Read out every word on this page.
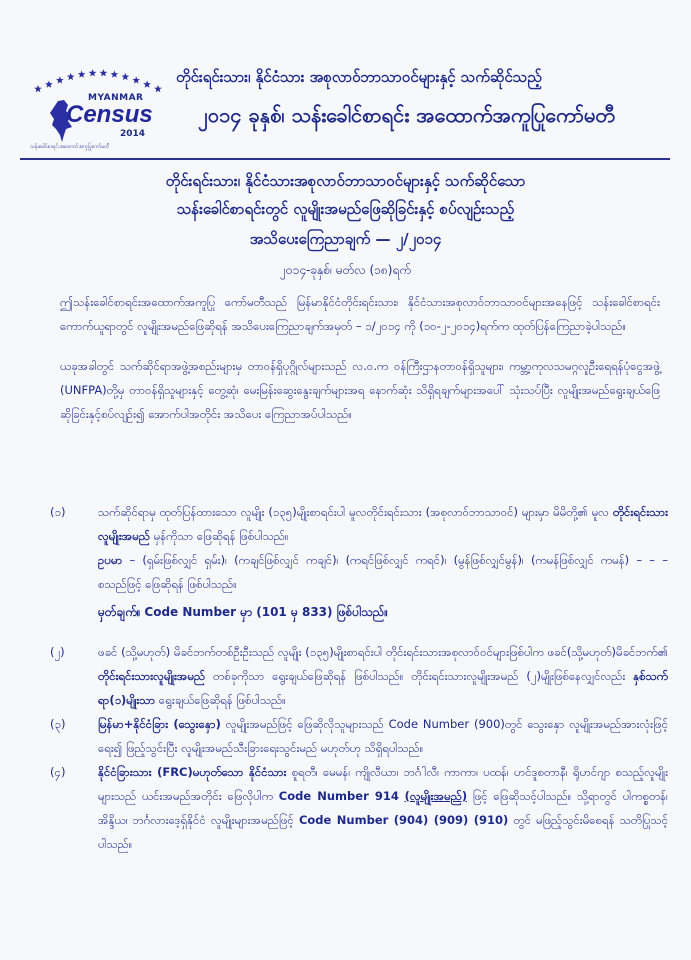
MYANMAR
Census
2014
သန်းခေါင်စာရင်းအထောက်အကူပြုကော်မတီ
တိုင်းရင်းသား၊ နိုင်ငံသား အစုလာဝ်ဘာသာဝင်များနှင့် သက်ဆိုင်သည့်
၂၀၁၄ ခုနှစ်၊ သန်းခေါင်စာရင်း အထောက်အကူပြုကော်မတီ
တိုင်းရင်းသား၊ နိုင်ငံသားအစုလာဝ်ဘာသာဝင်များနှင့် သက်ဆိုင်သော
သန်းခေါင်စာရင်းတွင် လူမျိုးအမည်ဖြေဆိုခြင်းနှင့် စပ်လျဉ်းသည့်
အသိပေးကြေညာချက် — ၂/၂၀၁၄
၂၀၁၄-ခုနှစ်၊ မတ်လ (၁၈)ရက်
ဤသန်းခေါင်စာရင်းအထောက်အကူပြု ကော်မတီသည် မြန်မာနိုင်ငံတိုင်းရင်းသား၊ နိုင်ငံသားအစုလာဝ်ဘာသာဝင်များအနေဖြင့် သန်းခေါင်စာရင်းကောက်ယူရာတွင် လူမျိုးအမည်ဖြေဆိုရန် အသိပေးကြေညာချက်အမှတ် – ၁/၂၀၁၄ ကို (၁၀-၂-၂၀၁၄)ရက်က ထုတ်ပြန်ကြေညာခဲ့ပါသည်။
ယခုအခါတွင် သက်ဆိုင်ရာအဖွဲ့အစည်းများမှ တာဝန်ရှိပုဂ္ဂိုလ်များသည် လ.ဝ.က ဝန်ကြီးဌာနတာဝန်ရှိသူများ၊ ကမ္ဘာ့ကုလသမဂ္ဂလူဦးရေရန်ပုံငွေအဖွဲ့ (UNFPA)တို့မှ တာဝန်ရှိသူများနှင့် တွေ့ဆုံ၊ မေးမြန်းဆွေးနွေးချက်များအရ နောက်ဆုံး သိရှိရချက်များအပေါ် သုံးသပ်ပြီး လူမျိုးအမည်ရွေးချယ်ဖြေဆိုခြင်းနှင့်စပ်လျဉ်း၍ အောက်ပါအတိုင်း အသိပေး ကြေညာအပ်ပါသည်။
(၁)	သက်ဆိုင်ရာမှ ထုတ်ပြန်ထားသော လူမျိုး (၁၃၅)မျိုးစာရင်းပါ မူလတိုင်းရင်းသား (အစုလာဝ်ဘာသာဝင်) များမှာ မိမိတို့၏ မူလ တိုင်းရင်းသားလူမျိုးအမည် မှန်ကိုသာ ဖြေဆိုရန် ဖြစ်ပါသည်။
ဥပမာ – (ရှမ်းဖြစ်လျှင် ရှမ်း)၊ (ကချင်ဖြစ်လျှင် ကချင်)၊ (ကရင်ဖြစ်လျှင် ကရင်)၊ (မွန်ဖြစ်လျှင်မွန်)၊ (ကမန်ဖြစ်လျှင် ကမန်) – – – စသည်ဖြင့် ဖြေဆိုရန် ဖြစ်ပါသည်။
မှတ်ချက်။ Code Number မှာ (101 မှ 833) ဖြစ်ပါသည်။
(၂)	ဖခင် (သို့မဟုတ်) မိခင်ဘက်တစ်ဦးဦးသည် လူမျိုး (၁၃၅)မျိုးစာရင်းပါ တိုင်းရင်းသားအစုလာဝ်ဝင်များဖြစ်ပါက ဖခင်(သို့မဟုတ်)မိခင်ဘက်၏ တိုင်းရင်းသားလူမျိုးအမည် တစ်ခုကိုသာ ရွေးချယ်ဖြေဆိုရန် ဖြစ်ပါသည်။ တိုင်းရင်းသားလူမျိုးအမည် (၂)မျိုးဖြစ်နေလျှင်လည်း နှစ်သက်ရာ(၁)မျိုးသာ ရွေးချယ်ဖြေဆိုရန် ဖြစ်ပါသည်။
(၃)	မြန်မာ+နိုင်ငံခြား (သွေးနှော) လူမျိုးအမည်ဖြင့် ဖြေဆိုလိုသူများသည် Code Number (900)တွင် သွေးနှော လူမျိုးအမည်အားလုံးဖြင့်ရေး၍ ဖြည့်သွင်းပြီး လူမျိုးအမည်သီးခြားရေးသွင်းမည် မဟုတ်ဟု သိရှိရပါသည်။
(၄)	နိုင်ငံခြားသား (FRC)မဟုတ်သော နိုင်ငံသား စူရတီ၊ မေမန်၊ ကျိုလီယာ၊ ဘင်္ဂါလီ၊ ကာကာ၊ ပထန်၊ ဟင်ဒူစတာနီ၊ ရိုဟင်ဂျာ စသည့်လူမျိုးများသည် ယင်းအမည်အတိုင်း ဖြေလိုပါက Code Number 914 (လူမျိုးအမည်) ဖြင့် ဖြေဆိုသင့်ပါသည်။ သို့ရာတွင် ပါကစ္စတန်၊ အိန္ဒိယ၊ ဘင်္ဂလားဒေ့ရှ်နိုင်ငံ လူမျိုးများအမည်ဖြင့် Code Number (904) (909) (910) တွင် မဖြည့်သွင်းမိစေရန် သတိပြုသင့်ပါသည်။
